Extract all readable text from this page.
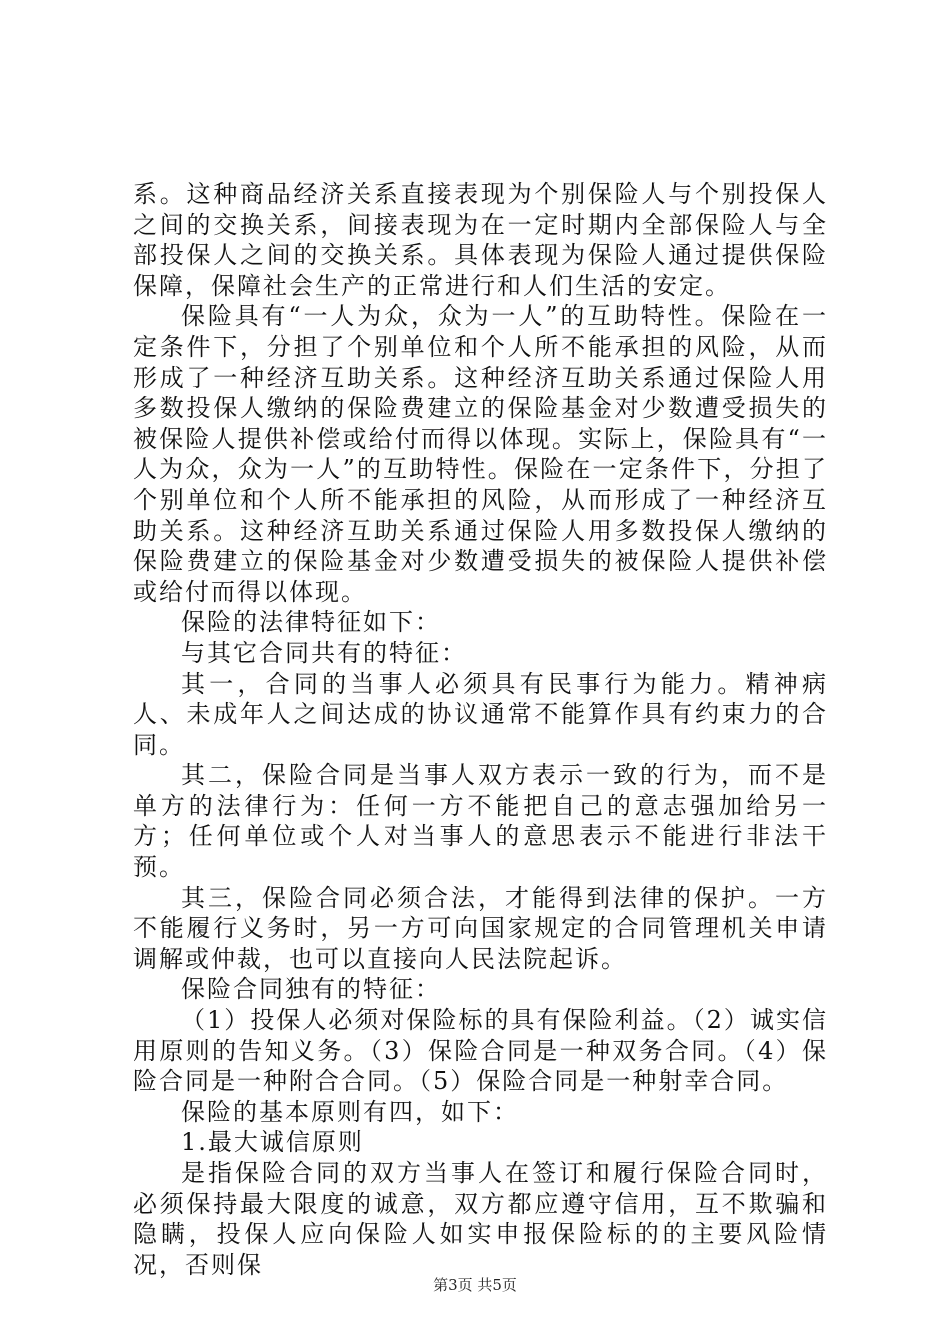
系。这种商品经济关系直接表现为个别保险人与个别投保人之间的交换关系，间接表现为在一定时期内全部保险人与全部投保人之间的交换关系。具体表现为保险人通过提供保险保障，保障社会生产的正常进行和人们生活的安定。

保险具有“一人为众，众为一人”的互助特性。保险在一定条件下，分担了个别单位和个人所不能承担的风险，从而形成了一种经济互助关系。这种经济互助关系通过保险人用多数投保人缴纳的保险费建立的保险基金对少数遭受损失的被保险人提供补偿或给付而得以体现。实际上，保险具有“一人为众，众为一人”的互助特性。保险在一定条件下，分担了个别单位和个人所不能承担的风险，从而形成了一种经济互助关系。这种经济互助关系通过保险人用多数投保人缴纳的保险费建立的保险基金对少数遭受损失的被保险人提供补偿或给付而得以体现。

保险的法律特征如下：

与其它合同共有的特征：

其一，合同的当事人必须具有民事行为能力。精神病人、未成年人之间达成的协议通常不能算作具有约束力的合同。

其二，保险合同是当事人双方表示一致的行为，而不是单方的法律行为：任何一方不能把自己的意志强加给另一方；任何单位或个人对当事人的意思表示不能进行非法干预。

其三，保险合同必须合法，才能得到法律的保护。一方不能履行义务时，另一方可向国家规定的合同管理机关申请调解或仲裁，也可以直接向人民法院起诉。

保险合同独有的特征：

（1）投保人必须对保险标的具有保险利益。（2）诚实信用原则的告知义务。（3）保险合同是一种双务合同。（4）保险合同是一种附合合同。（5）保险合同是一种射幸合同。

保险的基本原则有四，如下：

1.最大诚信原则

是指保险合同的双方当事人在签订和履行保险合同时，必须保持最大限度的诚意，双方都应遵守信用，互不欺骗和隐瞒，投保人应向保险人如实申报保险标的的主要风险情况，否则保

第3页 共5页
